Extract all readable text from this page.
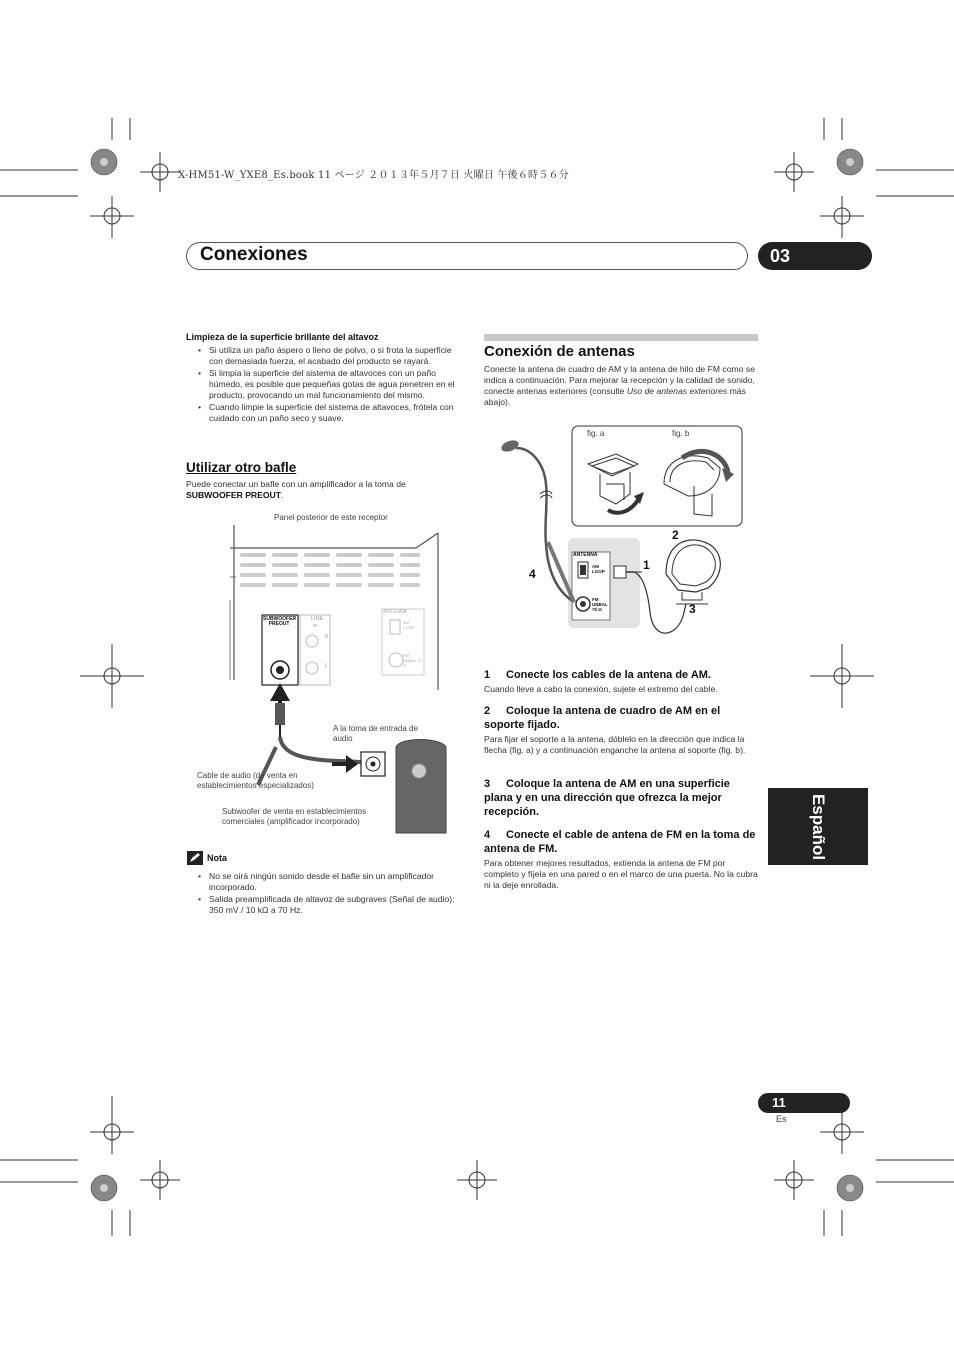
X-HM51-W_YXE8_Es.book 11 ページ ２０１３年５月７日 火曜日 午後６時５６分
Conexiones	03
Español
11
Es
Limpieza de la superficie brillante del altavoz
• Si utiliza un paño áspero o lleno de polvo, o si frota la superficie con demasiada fuerza, el acabado del producto se rayará.
• Si limpia la superficie del sistema de altavoces con un paño húmedo, es posible que pequeñas gotas de agua penetren en el producto, provocando un mal funcionamiento del mismo.
• Cuando limpie la superficie del sistema de altavoces, frótela con cuidado con un paño seco y suave.
Utilizar otro bafle
Puede conectar un bafle con un amplificador a la toma de
SUBWOOFER PREOUT.
Panel posterior de este receptor
SUBWOOFER PREOUT
LINE
IN
R
L
ANTENNA
AM LOOP
FM UNBAL 75 Ω
A la toma de entrada de audio
Cable de audio (de venta en establecimientos especializados)
Subwoofer de venta en establecimientos comerciales (amplificador incorporado)
Nota
• No se oirá ningún sonido desde el bafle sin un amplificador incorporado.
• Salida preamplificada de altavoz de subgraves (Señal de audio): 350 mV / 10 kΩ a 70 Hz.
Conexión de antenas
Conecte la antena de cuadro de AM y la antena de hilo de FM como se indica a continuación. Para mejorar la recepción y la calidad de sonido, conecte antenas exteriores (consulte Uso de antenas exteriores más abajo).
fig. a	fig. b
ANTENNA
AM LOOP
FM UNBAL 75 Ω
2
1
4
3
1 Conecte los cables de la antena de AM.
Cuando lleve a cabo la conexión, sujete el extremo del cable.
2 Coloque la antena de cuadro de AM en el soporte fijado.
Para fijar el soporte a la antena, dóblelo en la dirección que indica la flecha (fig. a) y a continuación enganche la antena al soporte (fig. b).
3 Coloque la antena de AM en una superficie plana y en una dirección que ofrezca la mejor recepción.
4 Conecte el cable de antena de FM en la toma de antena de FM.
Para obtener mejores resultados, extienda la antena de FM por completo y fíjela en una pared o en el marco de una puerta. No la cubra ni la deje enrollada.
